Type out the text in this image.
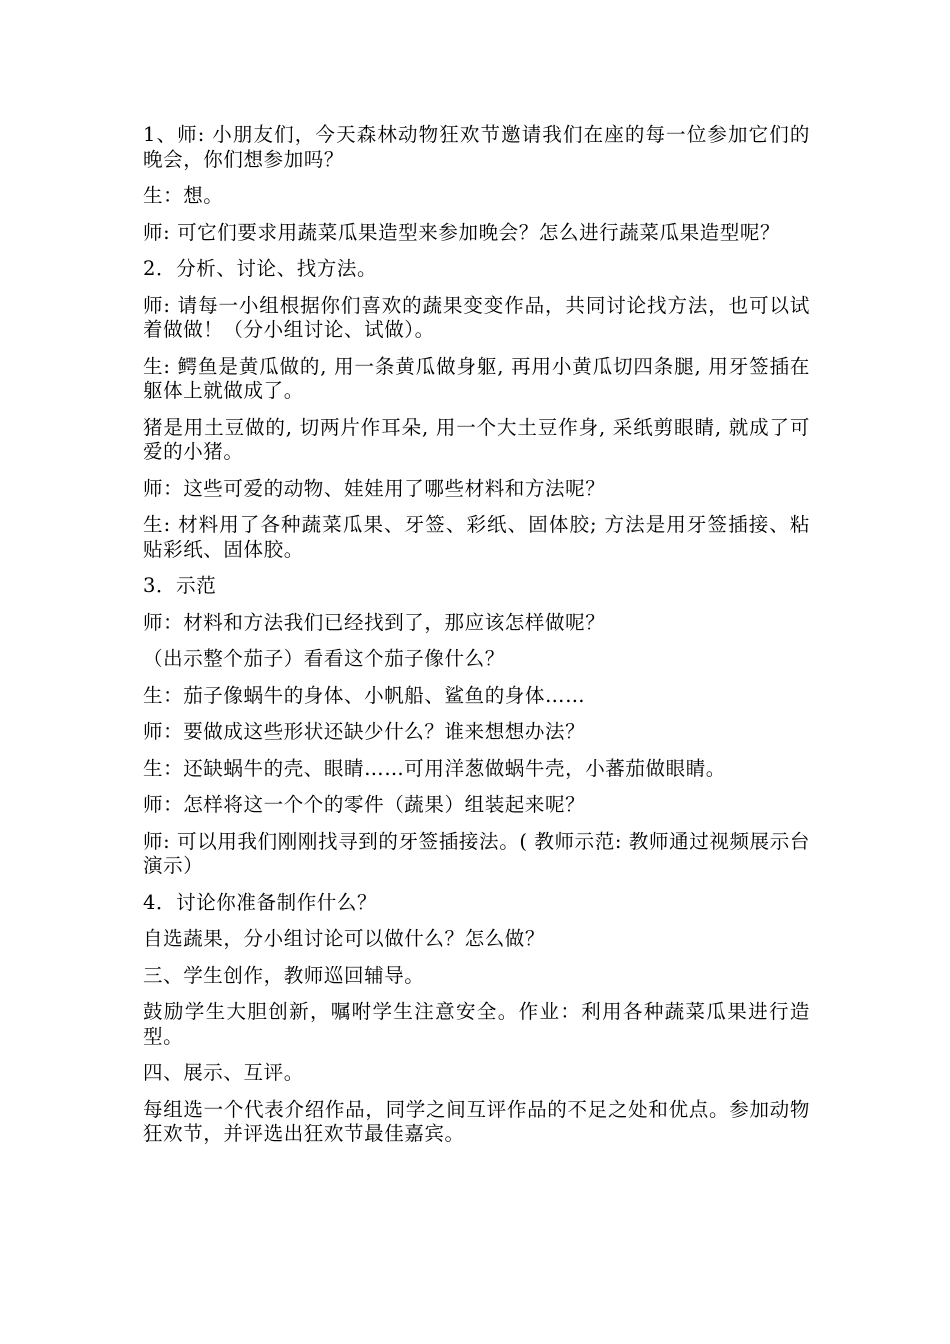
1、师: 小朋友们，今天森林动物狂欢节邀请我们在座的每一位参加它们的晚会，你们想参加吗？

生：想。

师: 可它们要求用蔬菜瓜果造型来参加晚会？怎么进行蔬菜瓜果造型呢？

2．分析、讨论、找方法。

师: 请每一小组根据你们喜欢的蔬果变变作品，共同讨论找方法，也可以试着做做！（分小组讨论、试做）。

生: 鳄鱼是黄瓜做的, 用一条黄瓜做身躯, 再用小黄瓜切四条腿, 用牙签插在躯体上就做成了。

猪是用土豆做的, 切两片作耳朵, 用一个大土豆作身, 采纸剪眼睛, 就成了可爱的小猪。

师：这些可爱的动物、娃娃用了哪些材料和方法呢？

生: 材料用了各种蔬菜瓜果、牙签、彩纸、固体胶; 方法是用牙签插接、粘贴彩纸、固体胶。

3．示范

师：材料和方法我们已经找到了，那应该怎样做呢？

（出示整个茄子）看看这个茄子像什么？

生：茄子像蜗牛的身体、小帆船、鲨鱼的身体……

师：要做成这些形状还缺少什么？谁来想想办法？

生：还缺蜗牛的壳、眼睛……可用洋葱做蜗牛壳，小蕃茄做眼睛。

师：怎样将这一个个的零件（蔬果）组装起来呢？

师: 可以用我们刚刚找寻到的牙签插接法。( 教师示范: 教师通过视频展示台演示）

4．讨论你准备制作什么？

自选蔬果，分小组讨论可以做什么？怎么做？

三、学生创作，教师巡回辅导。

鼓励学生大胆创新，嘱咐学生注意安全。作业：利用各种蔬菜瓜果进行造型。

四、展示、互评。

每组选一个代表介绍作品，同学之间互评作品的不足之处和优点。参加动物狂欢节，并评选出狂欢节最佳嘉宾。
